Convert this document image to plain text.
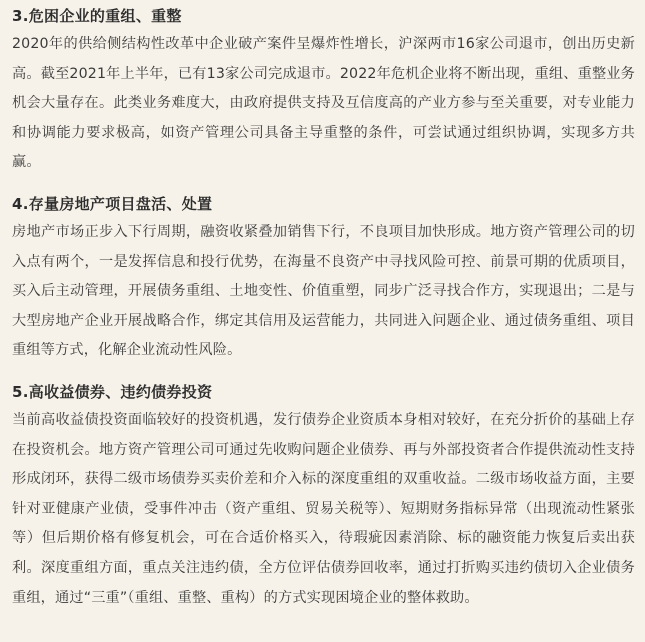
3.危困企业的重组、重整

2020年的供给侧结构性改革中企业破产案件呈爆炸性增长，沪深两市16家公司退市，创出历史新高。截至2021年上半年，已有13家公司完成退市。2022年危机企业将不断出现，重组、重整业务机会大量存在。此类业务难度大，由政府提供支持及互信度高的产业方参与至关重要，对专业能力和协调能力要求极高，如资产管理公司具备主导重整的条件，可尝试通过组织协调，实现多方共赢。

4.存量房地产项目盘活、处置

房地产市场正步入下行周期，融资收紧叠加销售下行，不良项目加快形成。地方资产管理公司的切入点有两个，一是发挥信息和投行优势，在海量不良资产中寻找风险可控、前景可期的优质项目，买入后主动管理，开展债务重组、土地变性、价值重塑，同步广泛寻找合作方，实现退出；二是与大型房地产企业开展战略合作，绑定其信用及运营能力，共同进入问题企业、通过债务重组、项目重组等方式，化解企业流动性风险。

5.高收益债券、违约债券投资

当前高收益债投资面临较好的投资机遇，发行债券企业资质本身相对较好，在充分折价的基础上存在投资机会。地方资产管理公司可通过先收购问题企业债券、再与外部投资者合作提供流动性支持形成闭环，获得二级市场债券买卖价差和介入标的深度重组的双重收益。二级市场收益方面，主要针对亚健康产业债，受事件冲击（资产重组、贸易关税等）、短期财务指标异常（出现流动性紧张等）但后期价格有修复机会，可在合适价格买入，待瑕疵因素消除、标的融资能力恢复后卖出获利。深度重组方面，重点关注违约债，全方位评估债券回收率，通过打折购买违约债切入企业债务重组，通过“三重”（重组、重整、重构）的方式实现困境企业的整体救助。
